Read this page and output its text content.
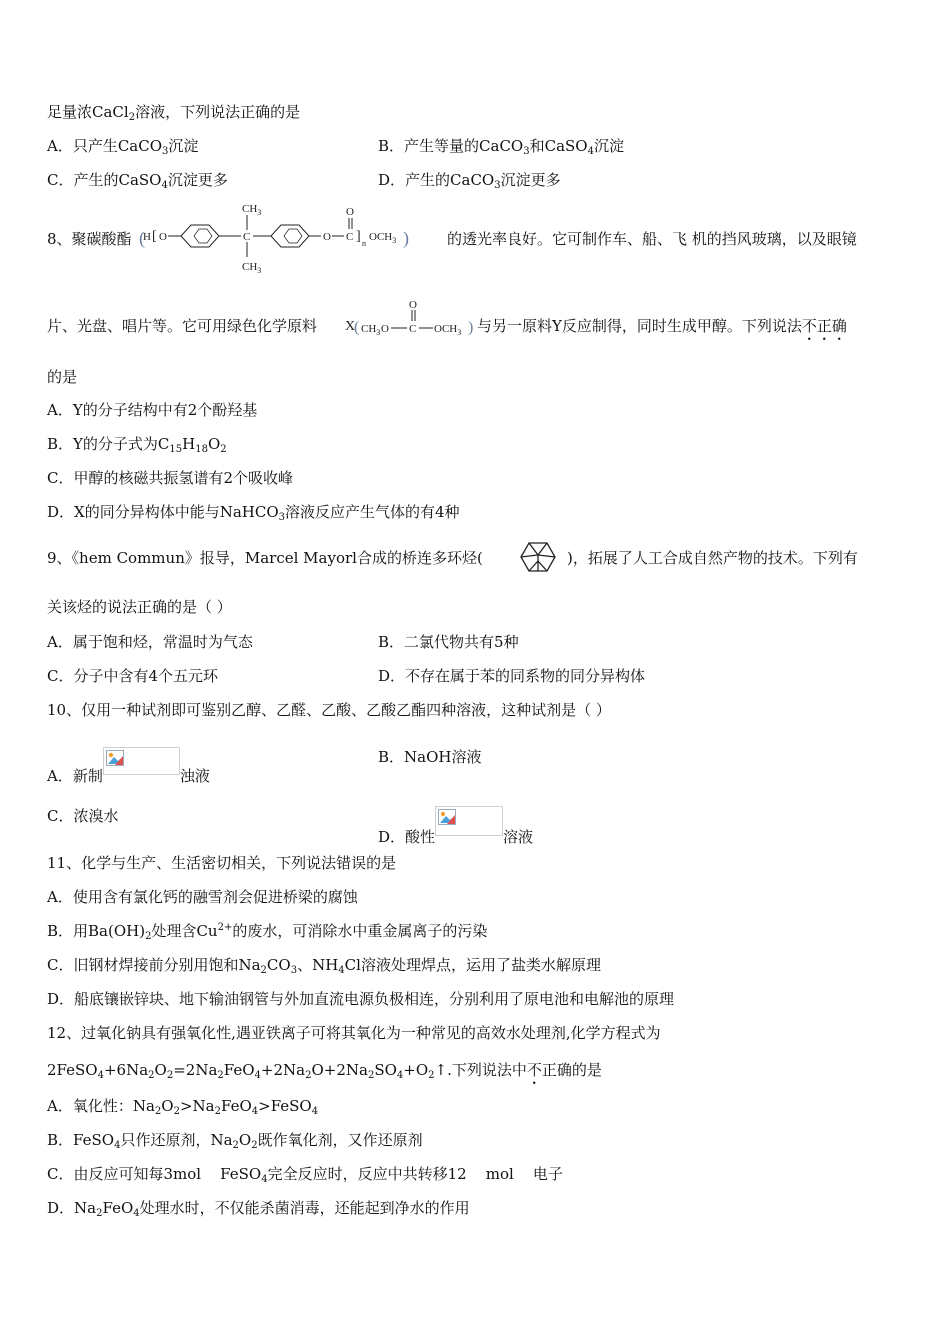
足量浓CaCl$_2$溶液，下列说法正确的是
A．只产生CaCO$_3$沉淀	B．产生等量的CaCO$_3$和CaSO$_4$沉淀
C．产生的CaSO$_4$沉淀更多	D．产生的CaCO$_3$沉淀更多
8、聚碳酸酯 (
H [ O	C
$CH_3$
$CH_3$
O C
O
] n
$OCH_3$ )	的透光率良好。它可制作车、船、飞 机的挡风玻璃，以及眼镜
片、光盘、唱片等。它可用绿色化学原料 X
( $CH_3$ O C
O
$OCH_3$ ) 与另一原料Y反应制得，同时生成甲醇。下列说法不正确
的是
A．Y的分子结构中有2个酚羟基
B．Y的分子式为$C_{15}H_{18}O_2$
C．甲醇的核磁共振氢谱有2个吸收峰
D．X的同分异构体中能与NaHCO$_3$溶液反应产生气体的有4种
9、《hem Commun》报导，Marcel Mayorl合成的桥连多环烃(	)，拓展了人工合成自然产物的技术。下列有
关该烃的说法正确的是（ ）
A．属于饱和烃，常温时为气态	B．二氯代物共有5种
C．分子中含有4个五元环	D．不存在属于苯的同系物的同分异构体
10、仅用一种试剂即可鉴别乙醇、乙醛、乙酸、乙酸乙酯四种溶液，这种试剂是（ ）
A．新制	浊液
B．NaOH溶液
C．浓溴水
D．酸性	溶液
11、化学与生产、生活密切相关，下列说法错误的是
A．使用含有氯化钙的融雪剂会促进桥梁的腐蚀
B．用$Ba(OH)_2$处理含$Cu^{2+}$的废水，可消除水中重金属离子的污染
C．旧钢材焊接前分别用饱和$Na_2CO_3$、$NH_4Cl$溶液处理焊点，运用了盐类水解原理
D．船底镶嵌锌块、地下输油钢管与外加直流电源负极相连，分别利用了原电池和电解池的原理
12、过氧化钠具有强氧化性,遇亚铁离子可将其氧化为一种常见的高效水处理剂,化学方程式为
$2FeSO_4+6Na_2O_2=2Na_2FeO_4+2Na_2O+2Na_2SO_4+O_2↑$.下列说法中不正确的是
A．氧化性：$Na_2O_2>Na_2FeO_4>FeSO_4$
B．FeSO$_4$只作还原剂，$Na_2O_2$既作氧化剂，又作还原剂
C．由反应可知每3mol    FeSO$_4$完全反应时，反应中共转移12    mol    电子
D．$Na_2FeO_4$处理水时，不仅能杀菌消毒，还能起到净水的作用
